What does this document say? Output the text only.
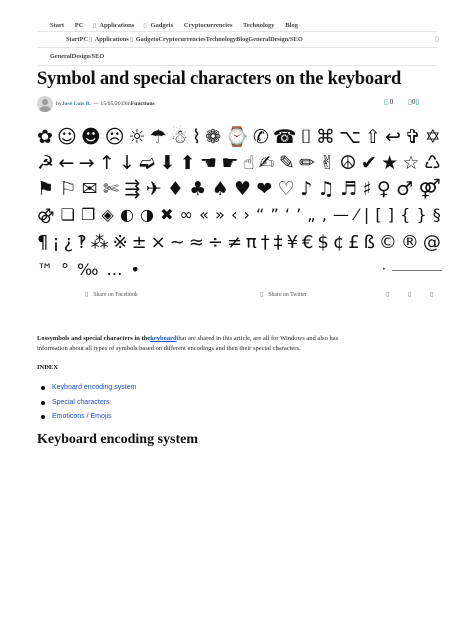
Start PC ▯ Applications ▯ Gadgets Cryptocurrencies Technology Blog
StartPC▯ Applications▯ GadgetoCryptocurrenciesTechnologyBlogGeneralDesign/SEO	▯
GeneralDesign/SEO
Symbol and special characters on the keyboard
by José Luis R. — 15/05/2019in Functions	▯ 0 ▯0▯
✿ ☺ ☻ ☹ ☼ ☂ ☃ ⌇ ❁ ⌚ ✆ ☎ ⌷ ⌘ ⌥ ⇧ ↩ ✞ ✡
☭ ← → ↑ ↓ ➫ ⬇ ⬆ ☚ ☛ ☝ ✍ ✎ ✏ ✌ ☮ ✔ ★ ☆ ♺
⚑ ⚐ ✉ ✄ ⇶ ✈ ♦ ♣ ♠ ♥ ❤ ♡ ♪ ♫ ♬ ♯ ♀ ♂ ⚤
⚣ ❏ ❐ ◈ ◐ ◑ ✖ ∞ « » ‹ › “ ” ‘ ’ „ ‚ — ⁄ | [ ] { } §
¶ ¡ ¿ ‽ ⁂ ※ ± × ~ ≈ ÷ ≠ π † ‡ ¥ € $ ¢ £ ß © ® @
™ ° ‰ … •	▸
▯ Share on Facebook	▯ Share on Twitter	▯	▯	▯

Lossymbols and special characters in thekeyboardthat are shared in this article, are all for Windows and also has information about all types of symbols based on different encodings and then their special characters.

INDEX
Keyboard encoding system
Special characters
Emoticons / Emojis
Keyboard encoding system
